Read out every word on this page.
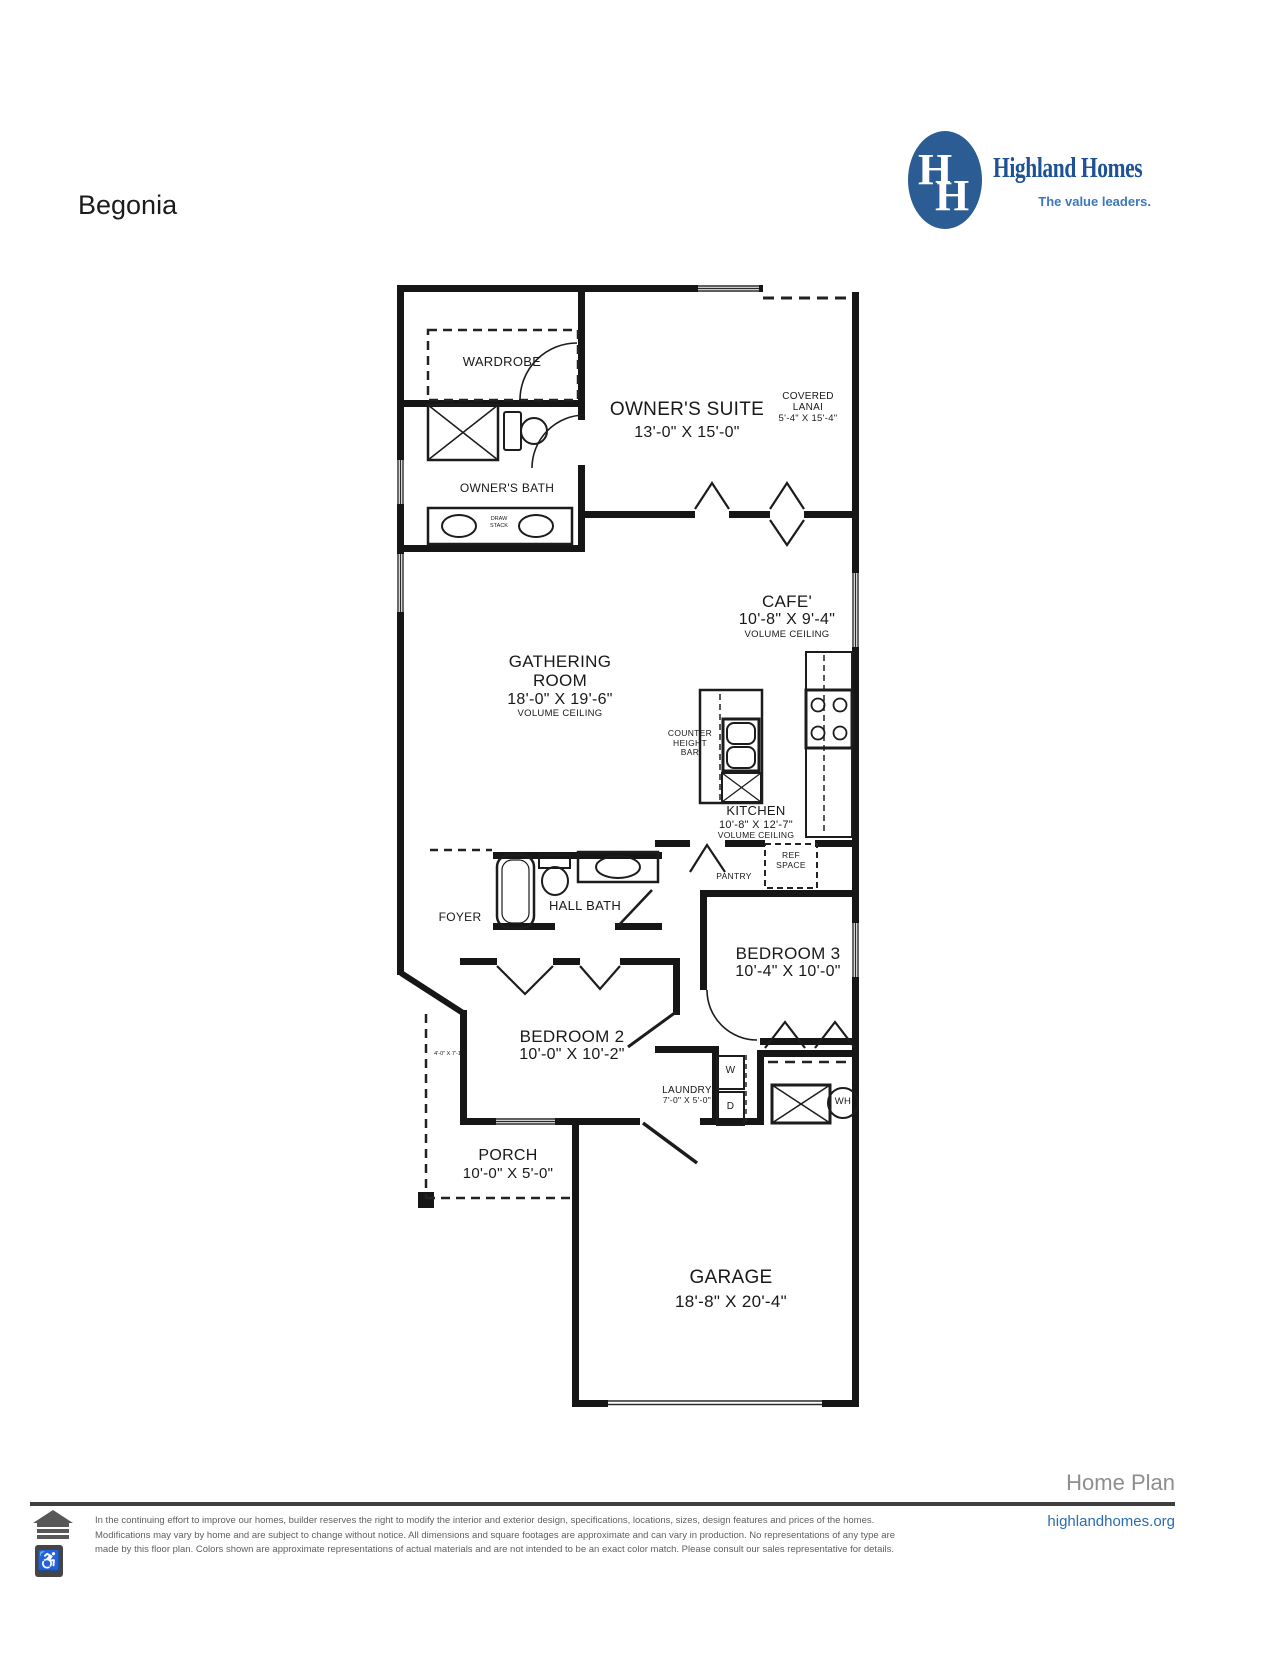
Begonia
H
H
Highland Homes
The value leaders.
WARDROBE
OWNER'S SUITE
13'-0" X 15'-0"
COVERED
LANAI
5'-4" X 15'-4"
OWNER'S BATH
DRAW
STACK
CAFE'
10'-8" X 9'-4"
VOLUME CEILING
GATHERING
ROOM
18'-0" X 19'-6"
VOLUME CEILING
COUNTER
HEIGHT
BAR
KITCHEN
10'-8" X 12'-7"
VOLUME CEILING
PANTRY
REF
SPACE
FOYER
HALL BATH
BEDROOM 3
10'-4" X 10'-0"
BEDROOM 2
10'-0" X 10'-2"
4'-0" X 7'-10"
LAUNDRY
7'-0" X 5'-0"
W
D	WH
PORCH
10'-0" X 5'-0"
GARAGE
18'-8" X 20'-4"
Home Plan
♿
In the continuing effort to improve our homes, builder reserves the right to modify the interior and exterior design, specifications, locations, sizes, design features and prices of the homes. Modifications may vary by home and are subject to change without notice. All dimensions and square footages are approximate and can vary in production. No representations of any type are made by this floor plan. Colors shown are approximate representations of actual materials and are not intended to be an exact color match. Please consult our sales representative for details.
highlandhomes.org
